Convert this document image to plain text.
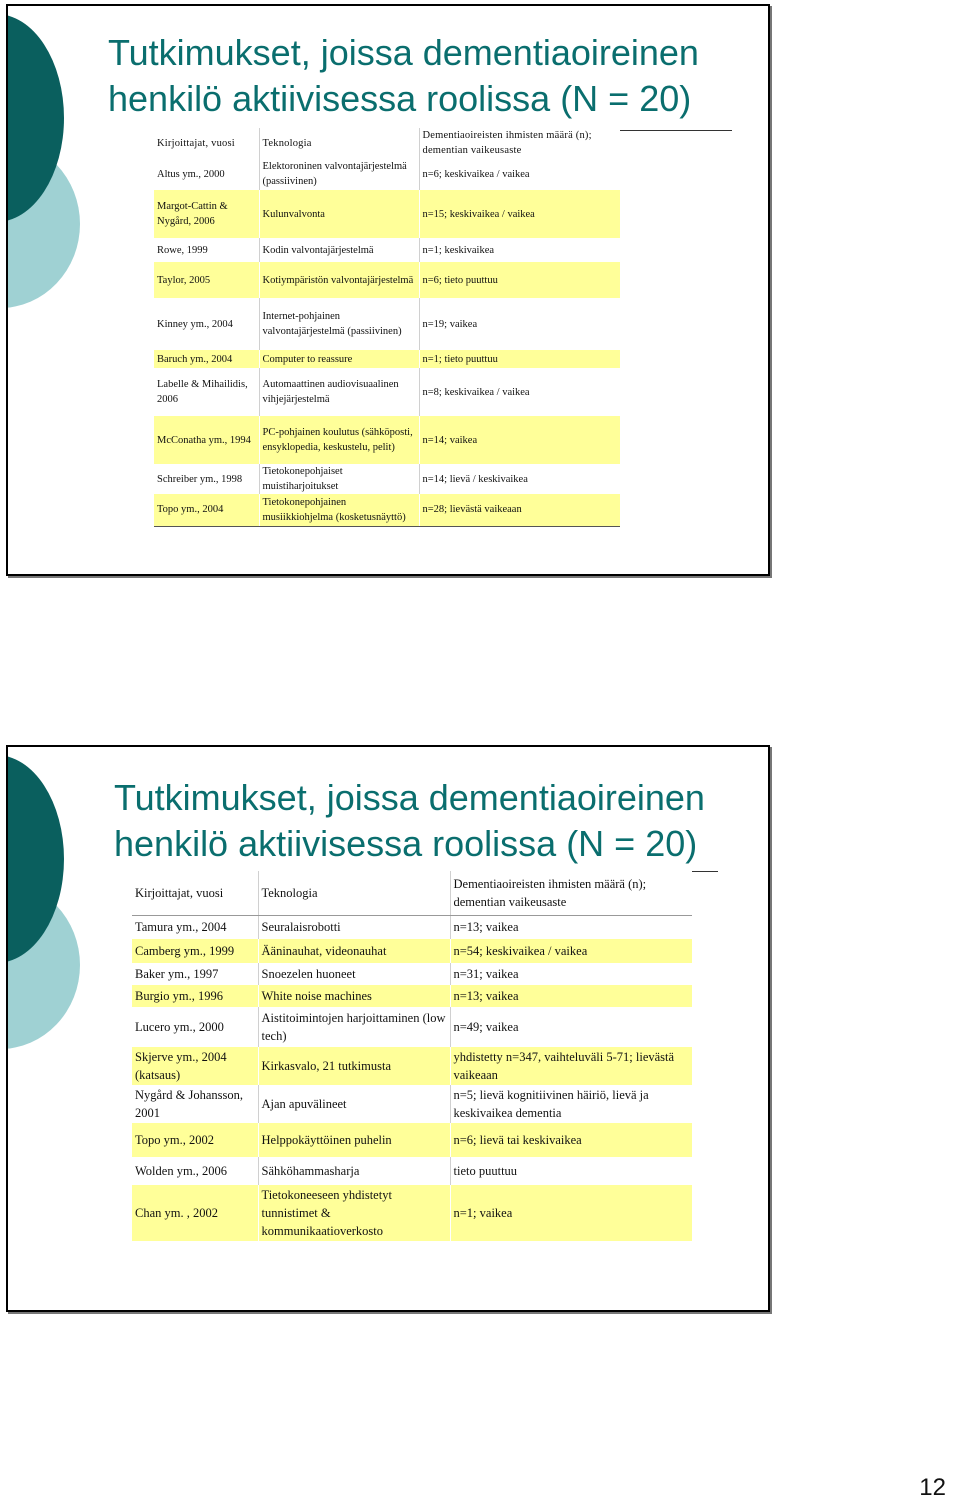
Tutkimukset, joissa dementiaoireinen
henkilö aktiivisessa roolissa (N = 20)
Kirjoittajat, vuosi	Teknologia	Dementiaoireisten ihmisten määrä (n); dementian vaikeusaste
Altus ym., 2000	Elektoroninen valvontajärjestelmä (passiivinen)	n=6; keskivaikea / vaikea
Margot-Cattin & Nygård, 2006	Kulunvalvonta	n=15; keskivaikea / vaikea
Rowe, 1999	Kodin valvontajärjestelmä	n=1; keskivaikea
Taylor, 2005	Kotiympäristön valvontajärjestelmä	n=6; tieto puuttuu
Kinney ym., 2004	Internet-pohjainen valvontajärjestelmä (passiivinen)	n=19; vaikea
Baruch ym., 2004	Computer to reassure	n=1; tieto puuttuu
Labelle & Mihailidis, 2006	Automaattinen audiovisuaalinen vihjejärjestelmä	n=8; keskivaikea / vaikea
McConatha ym., 1994	PC-pohjainen koulutus (sähköposti, ensyklopedia, keskustelu, pelit)	n=14; vaikea
Schreiber ym., 1998	Tietokonepohjaiset muistiharjoitukset	n=14; lievä / keskivaikea
Topo ym., 2004	Tietokonepohjainen musiikkiohjelma (kosketusnäyttö)	n=28; lievästä vaikeaan
Tutkimukset, joissa dementiaoireinen
henkilö aktiivisessa roolissa (N = 20)
Kirjoittajat, vuosi	Teknologia	Dementiaoireisten ihmisten määrä (n); dementian vaikeusaste
Tamura ym., 2004	Seuralaisrobotti	n=13; vaikea
Camberg ym., 1999	Ääninauhat, videonauhat	n=54; keskivaikea / vaikea
Baker ym., 1997	Snoezelen huoneet	n=31; vaikea
Burgio ym., 1996	White noise machines	n=13; vaikea
Lucero ym., 2000	Aistitoimintojen harjoittaminen (low tech)	n=49; vaikea
Skjerve ym., 2004 (katsaus)	Kirkasvalo, 21 tutkimusta	yhdistetty n=347, vaihteluväli 5-71; lievästä vaikeaan
Nygård & Johansson, 2001	Ajan apuvälineet	n=5; lievä kognitiivinen häiriö, lievä ja keskivaikea dementia
Topo ym., 2002	Helppokäyttöinen puhelin	n=6; lievä tai keskivaikea
Wolden ym., 2006	Sähköhammasharja	tieto puuttuu
Chan ym. , 2002	Tietokoneeseen yhdistetyt tunnistimet & kommunikaatioverkosto	n=1; vaikea
12
